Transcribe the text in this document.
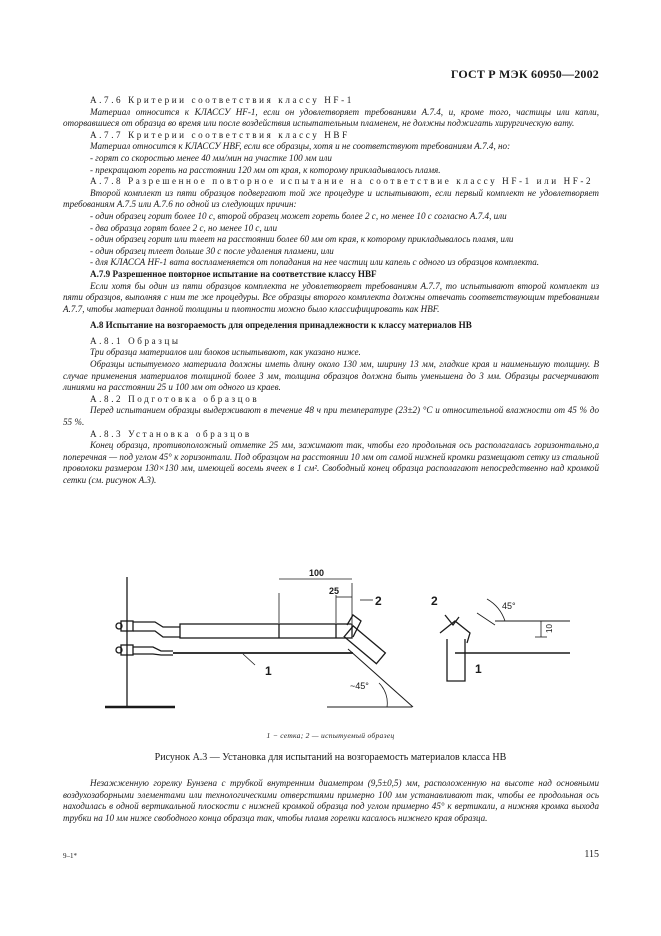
ГОСТ Р МЭК 60950—2002

А.7.6 Критерии соответствия классу HF-1

Материал относится к КЛАССУ HF-1, если он удовлетворяет требованиям А.7.4, и, кроме того, частицы или капли, оторвавшиеся от образца во время или после воздействия испытательным пламенем, не должны поджигать хирургическую вату.

А.7.7 Критерии соответствия классу HBF

Материал относится к КЛАССУ HBF, если все образцы, хотя и не соответствуют требованиям А.7.4, но:

- горят со скоростью менее 40 мм/мин на участке 100 мм или

- прекращают гореть на расстоянии 120 мм от края, к которому прикладывалось пламя.

А.7.8 Разрешенное повторное испытание на соответствие классу HF-1 или HF-2

Второй комплект из пяти образцов подвергают той же процедуре и испытывают, если первый комплект не удовлетворяет требованиям А.7.5 или А.7.6 по одной из следующих причин:

- один образец горит более 10 с, второй образец может гореть более 2 с, но менее 10 с согласно А.7.4, или

- два образца горят более 2 с, но менее 10 с, или

- один образец горит или тлеет на расстоянии более 60 мм от края, к которому прикладывалось пламя, или

- один образец тлеет дольше 30 с после удаления пламени, или

- для КЛАССА HF-1 вата воспламеняется от попадания на нее частиц или капель с одного из образцов комплекта.

А.7.9 Разрешенное повторное испытание на соответствие классу HBF

Если хотя бы один из пяти образцов комплекта не удовлетворяет требованиям А.7.7, то испытывают второй комплект из пяти образцов, выполняя с ним те же процедуры. Все образцы второго комплекта должны отвечать соответствующим требованиям А.7.7, чтобы материал данной толщины и плотности можно было классифицировать как HBF.

А.8 Испытание на возгораемость для определения принадлежности к классу материалов НВ

А.8.1 Образцы

Три образца материалов или блоков испытывают, как указано ниже.

Образцы испытуемого материала должны иметь длину около 130 мм, ширину 13 мм, гладкие края и наименьшую толщину. В случае применения материалов толщиной более 3 мм, толщина образцов должна быть уменьшена до 3 мм. Образцы расчерчивают линиями на расстоянии 25 и 100 мм от одного из краев.

А.8.2 Подготовка образцов

Перед испытанием образцы выдерживают в течение 48 ч при температуре (23±2) °С и относительной влажности от 45 % до 55 %.

А.8.3 Установка образцов

Конец образца, противоположный отметке 25 мм, зажимают так, чтобы его продольная ось располагалась горизонтально,а поперечная — под углом 45° к горизонтали. Под образцом на расстоянии 10 мм от самой нижней кромки размещают сетку из стальной проволоки размером 130×130 мм, имеющей восемь ячеек в 1 см². Свободный конец образца располагают непосредственно над кромкой сетки (см. рисунок А.3).

100
25
1
2
~45°
2
1
45°
10
1 − сетка; 2 — испытуемый образец
Рисунок А.3 — Установка для испытаний на возгораемость материалов класса НВ

Незажженную горелку Бунзена с трубкой внутренним диаметром (9,5±0,5) мм, расположенную на высоте над основными воздухозаборными элементами или технологическими отверстиями примерно 100 мм устанавливают так, чтобы ее продольная ось находилась в одной вертикальной плоскости с нижней кромкой образца под углом примерно 45° к вертикали, а нижняя кромка выхода трубки на 10 мм ниже свободного конца образца так, чтобы пламя горелки касалось нижнего края образца.

9–1*	115
